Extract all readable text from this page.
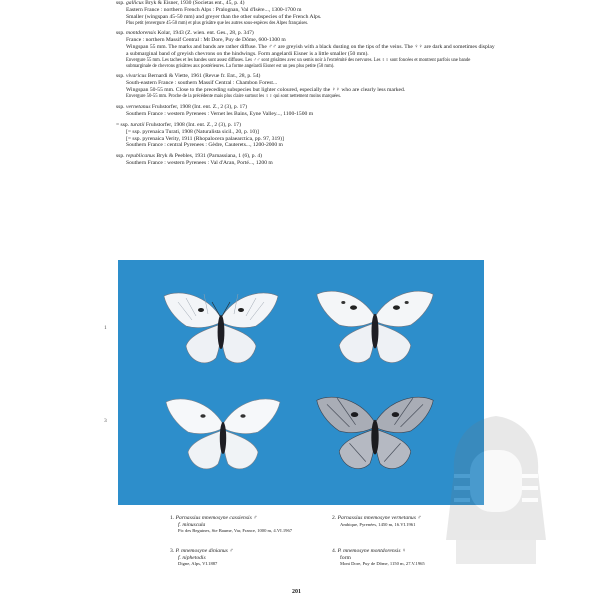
ssp. gallicus Bryk & Eisner, 1930 (Societas ent., 45, p. 4)

Eastern France : northern French Alps : Pralognan, Val d'Isère..., 1300-1700 m

Smaller (wingspan 45-50 mm) and greyer than the other subspecies of the French Alps.

Plus petit (envergure 45-50 mm) et plus grisâtre que les autres sous-espèces des Alpes françaises.

ssp. montdorensis Kolar, 1943 (Z. wien. ent. Ges., 28, p. 347)

France : northern Massif Central : Mt Dore, Puy de Dôme, 600-1300 m

Wingspan 55 mm. The marks and bands are rather diffuse. The ♂♂ are greyish with a black dusting on the tips of the veins. The ♀♀ are dark and sometimes display a submarginal band of greyish chevrons on the hindwings. Form angelardi Eisner is a little smaller (50 mm).

Envergure 55 mm. Les taches et les bandes sont assez diffuses. Les ♂♂ sont grisâtres avec un semis noir à l'extrémité des nervures. Les ♀♀ sont foncées et montrent parfois une bande submarginale de chevrons grisâtres aux postérieures. La forme angelardi Eisner est un peu plus petite (50 mm).

ssp. vivaricus Bernardi & Viette, 1961 (Revue fr. Ent., 28, p. 54)

South-eastern France : southern Massif Central : Chambon Forest...

Wingspan 50-55 mm. Close to the preceding subspecies but lighter coloured, especially the ♀♀ who are clearly less marked.

Envergure 50-55 mm. Proche de la précédente mais plus claire surtout les ♀♀ qui sont nettement moins marquées.

ssp. vernetanus Fruhstorfer, 1908 (Int. ent. Z., 2 (3), p. 17)

Southern France : western Pyrenees : Vernet les Bains, Eyne Valley..., 1100-1500 m

= ssp. turatii Fruhstorfer, 1908 (Int. ent. Z., 2 (3), p. 17)

[= ssp. pyrenaica Turati, 1908 (Naturalista sicil., 20, p. 10)]

[= ssp. pyrenaica Verity, 1911 (Rhopalocera palaearctica, pp. 97, 319)]

Southern France : central Pyrenees : Gèdre, Cauterets..., 1200-2000 m

ssp. republicanus Bryk & Peebles, 1931 (Parnassiana, 1 (6), p. 4)

Southern France : western Pyrenees : Val d'Aran, Porté..., 1200 m

1
3
1. Parnassius mnemosyne cassiensis ♂
f. minuscula

Pic des Beguines, Ste Baume, Var, France, 1000 m, 4.VI.1967
2. Parnassius mnemosyne vernetanus ♂

Ambique, Pyrenées, 1450 m, 16.VI.1961
3. P. mnemosyne dinianus ♂
f. niphetodis

Digne, Alps, VI.1887
4. P. mnemosyne montdorensis ♀
form

Mont Dore, Puy de Dôme, 1150 m, 27.V.1965
201
